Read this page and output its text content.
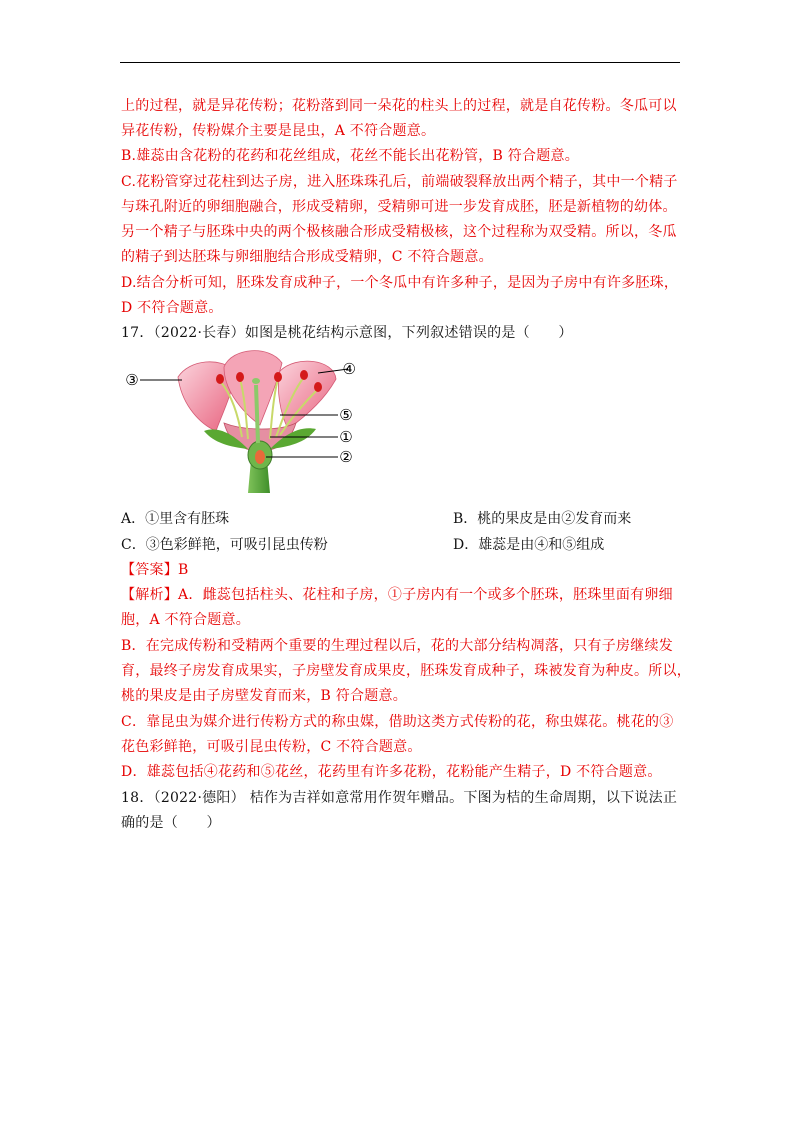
上的过程，就是异花传粉；花粉落到同一朵花的柱头上的过程，就是自花传粉。冬瓜可以
异花传粉，传粉媒介主要是昆虫，A 不符合题意。
B.雄蕊由含花粉的花药和花丝组成，花丝不能长出花粉管，B 符合题意。
C.花粉管穿过花柱到达子房，进入胚珠珠孔后，前端破裂释放出两个精子，其中一个精子
与珠孔附近的卵细胞融合，形成受精卵，受精卵可进一步发育成胚，胚是新植物的幼体。
另一个精子与胚珠中央的两个极核融合形成受精极核，这个过程称为双受精。所以，冬瓜
的精子到达胚珠与卵细胞结合形成受精卵，C 不符合题意。
D.结合分析可知，胚珠发育成种子，一个冬瓜中有许多种子，是因为子房中有许多胚珠，
D 不符合题意。
17．（2022·长春）如图是桃花结构示意图，下列叙述错误的是（　　）
③
④
⑤
①
②
A．①里含有胚珠	B．桃的果皮是由②发育而来
C．③色彩鲜艳，可吸引昆虫传粉	D．雄蕊是由④和⑤组成
【答案】B
【解析】A．雌蕊包括柱头、花柱和子房，①子房内有一个或多个胚珠，胚珠里面有卵细
胞，A 不符合题意。
B．在完成传粉和受精两个重要的生理过程以后，花的大部分结构凋落，只有子房继续发
育，最终子房发育成果实，子房壁发育成果皮，胚珠发育成种子，珠被发育为种皮。所以，
桃的果皮是由子房壁发育而来，B 符合题意。
C．靠昆虫为媒介进行传粉方式的称虫媒，借助这类方式传粉的花，称虫媒花。桃花的③
花色彩鲜艳，可吸引昆虫传粉，C 不符合题意。
D．雄蕊包括④花药和⑤花丝，花药里有许多花粉，花粉能产生精子，D 不符合题意。
18．（2022·德阳） 桔作为吉祥如意常用作贺年赠品。下图为桔的生命周期，以下说法正
确的是（　　）
